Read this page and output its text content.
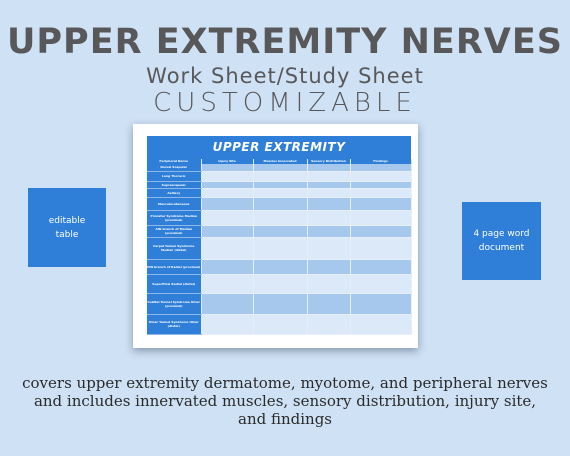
UPPER EXTREMITY NERVES
Work Sheet/Study Sheet
CUSTOMIZABLE
editable table
UPPER EXTREMITY
Peripheral Nerve	Injury Site	Muscles Innervated	Sensory Distribution	Findings
Dorsal Scapular				
Long Thoracic				
Suprascapular				
Axillary				
Musculocutaneous				
Pronator Syndrome Median (proximal)				
AIN branch of Median (proximal)				
Carpal Tunnel Syndrome Median (distal)				
PIN branch of Radial (proximal)				
Superficial Radial (distal)				
Cubital Tunnel Syndrome Ulnar (proximal)				
Ulnar Tunnel Syndrome Ulnar (distal)				
4 page word document
covers upper extremity dermatome, myotome, and peripheral nerves and includes innervated muscles, sensory distribution, injury site, and findings
